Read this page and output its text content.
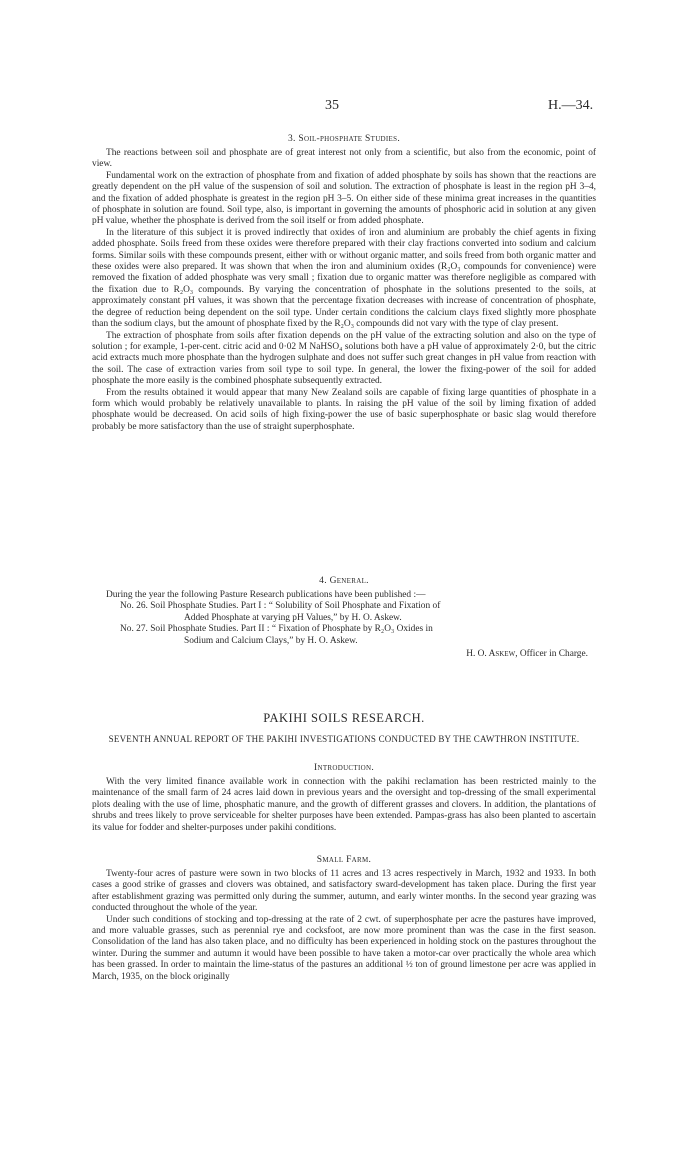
35	H.—34.
3. Soil-phosphate Studies.

The reactions between soil and phosphate are of great interest not only from a scientific, but also from the economic, point of view.

Fundamental work on the extraction of phosphate from and fixation of added phosphate by soils has shown that the reactions are greatly dependent on the pH value of the suspension of soil and solution. The extraction of phosphate is least in the region pH 3–4, and the fixation of added phosphate is greatest in the region pH 3–5. On either side of these minima great increases in the quantities of phosphate in solution are found. Soil type, also, is important in governing the amounts of phosphoric acid in solution at any given pH value, whether the phosphate is derived from the soil itself or from added phosphate.

In the literature of this subject it is proved indirectly that oxides of iron and aluminium are probably the chief agents in fixing added phosphate. Soils freed from these oxides were therefore prepared with their clay fractions converted into sodium and calcium forms. Similar soils with these compounds present, either with or without organic matter, and soils freed from both organic matter and these oxides were also prepared. It was shown that when the iron and aluminium oxides (R₂O₃ compounds for convenience) were removed the fixation of added phosphate was very small ; fixation due to organic matter was therefore negligible as compared with the fixation due to R₂O₃ compounds. By varying the concentration of phosphate in the solutions presented to the soils, at approximately constant pH values, it was shown that the percentage fixation decreases with increase of concentration of phosphate, the degree of reduction being dependent on the soil type. Under certain conditions the calcium clays fixed slightly more phosphate than the sodium clays, but the amount of phosphate fixed by the R₂O₃ compounds did not vary with the type of clay present.

The extraction of phosphate from soils after fixation depends on the pH value of the extracting solution and also on the type of solution ; for example, 1-per-cent. citric acid and 0·02 M NaHSO₄ solutions both have a pH value of approximately 2·0, but the citric acid extracts much more phosphate than the hydrogen sulphate and does not suffer such great changes in pH value from reaction with the soil. The case of extraction varies from soil type to soil type. In general, the lower the fixing-power of the soil for added phosphate the more easily is the combined phosphate subsequently extracted.

From the results obtained it would appear that many New Zealand soils are capable of fixing large quantities of phosphate in a form which would probably be relatively unavailable to plants. In raising the pH value of the soil by liming fixation of added phosphate would be decreased. On acid soils of high fixing-power the use of basic superphosphate or basic slag would therefore probably be more satisfactory than the use of straight superphosphate.

4. General.

During the year the following Pasture Research publications have been published :—

No. 26. Soil Phosphate Studies. Part I : “ Solubility of Soil Phosphate and Fixation of
Added Phosphate at varying pH Values,” by H. O. Askew.
No. 27. Soil Phosphate Studies. Part II : “ Fixation of Phosphate by R₂O₃ Oxides in
Sodium and Calcium Clays,” by H. O. Askew.
H. O. Askew, Officer in Charge.
PAKIHI SOILS RESEARCH.
SEVENTH ANNUAL REPORT OF THE PAKIHI INVESTIGATIONS CONDUCTED BY THE CAWTHRON INSTITUTE.
Introduction.

With the very limited finance available work in connection with the pakihi reclamation has been restricted mainly to the maintenance of the small farm of 24 acres laid down in previous years and the oversight and top-dressing of the small experimental plots dealing with the use of lime, phosphatic manure, and the growth of different grasses and clovers. In addition, the plantations of shrubs and trees likely to prove serviceable for shelter purposes have been extended. Pampas-grass has also been planted to ascertain its value for fodder and shelter-purposes under pakihi conditions.

Small Farm.

Twenty-four acres of pasture were sown in two blocks of 11 acres and 13 acres respectively in March, 1932 and 1933. In both cases a good strike of grasses and clovers was obtained, and satisfactory sward-development has taken place. During the first year after establishment grazing was permitted only during the summer, autumn, and early winter months. In the second year grazing was conducted throughout the whole of the year.

Under such conditions of stocking and top-dressing at the rate of 2 cwt. of superphosphate per acre the pastures have improved, and more valuable grasses, such as perennial rye and cocksfoot, are now more prominent than was the case in the first season. Consolidation of the land has also taken place, and no difficulty has been experienced in holding stock on the pastures throughout the winter. During the summer and autumn it would have been possible to have taken a motor-car over practically the whole area which has been grassed. In order to maintain the lime-status of the pastures an additional ½ ton of ground limestone per acre was applied in March, 1935, on the block originally
